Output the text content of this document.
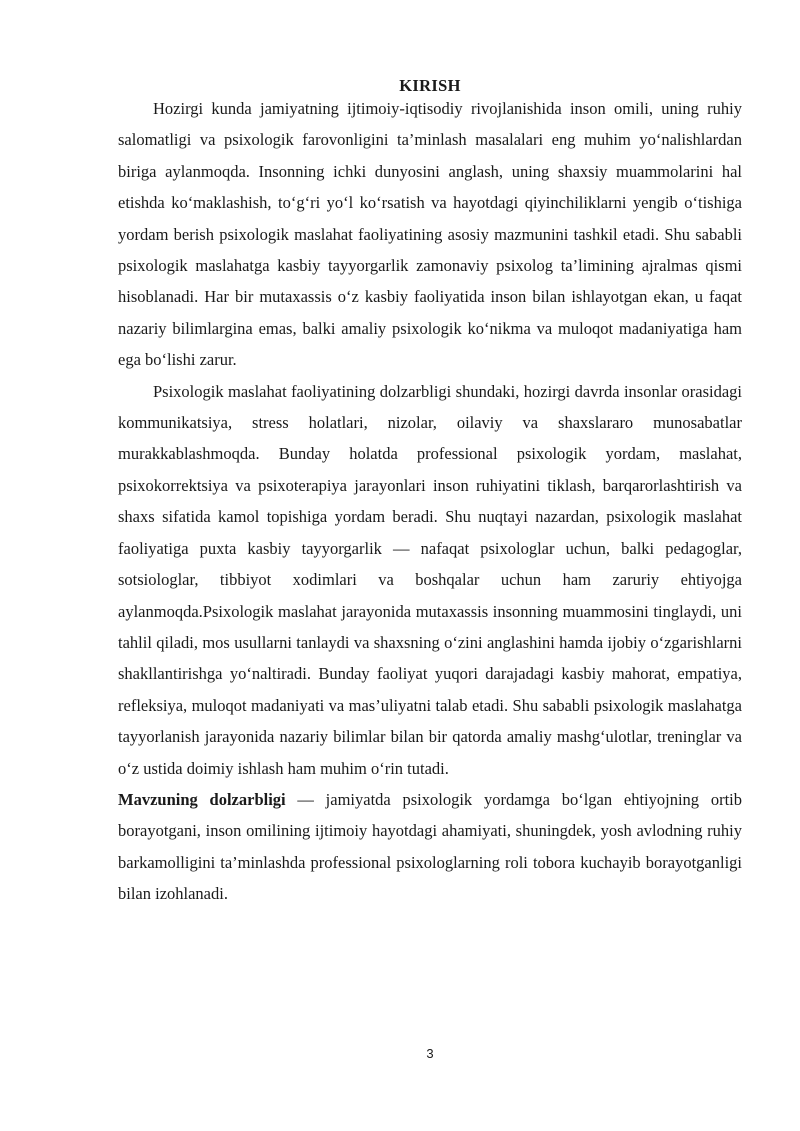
KIRISH

Hozirgi kunda jamiyatning ijtimoiy-iqtisodiy rivojlanishida inson omili, uning ruhiy salomatligi va psixologik farovonligini ta’minlash masalalari eng muhim yo‘nalishlardan biriga aylanmoqda. Insonning ichki dunyosini anglash, uning shaxsiy muammolarini hal etishda ko‘maklashish, to‘g‘ri yo‘l ko‘rsatish va hayotdagi qiyinchiliklarni yengib o‘tishiga yordam berish psixologik maslahat faoliyatining asosiy mazmunini tashkil etadi. Shu sababli psixologik maslahatga kasbiy tayyorgarlik zamonaviy psixolog ta’limining ajralmas qismi hisoblanadi. Har bir mutaxassis o‘z kasbiy faoliyatida inson bilan ishlayotgan ekan, u faqat nazariy bilimlargina emas, balki amaliy psixologik ko‘nikma va muloqot madaniyatiga ham ega bo‘lishi zarur.

Psixologik maslahat faoliyatining dolzarbligi shundaki, hozirgi davrda insonlar orasidagi kommunikatsiya, stress holatlari, nizolar, oilaviy va shaxslararo munosabatlar murakkablashmoqda. Bunday holatda professional psixologik yordam, maslahat, psixokorrektsiya va psixoterapiya jarayonlari inson ruhiyatini tiklash, barqarorlashtirish va shaxs sifatida kamol topishiga yordam beradi. Shu nuqtayi nazardan, psixologik maslahat faoliyatiga puxta kasbiy tayyorgarlik — nafaqat psixologlar uchun, balki pedagoglar, sotsiologlar, tibbiyot xodimlari va boshqalar uchun ham zaruriy ehtiyojga aylanmoqda.Psixologik maslahat jarayonida mutaxassis insonning muammosini tinglaydi, uni tahlil qiladi, mos usullarni tanlaydi va shaxsning o‘zini anglashini hamda ijobiy o‘zgarishlarni shakllantirishga yo‘naltiradi. Bunday faoliyat yuqori darajadagi kasbiy mahorat, empatiya, refleksiya, muloqot madaniyati va mas’uliyatni talab etadi. Shu sababli psixologik maslahatga tayyorlanish jarayonida nazariy bilimlar bilan bir qatorda amaliy mashg‘ulotlar, treninglar va o‘z ustida doimiy ishlash ham muhim o‘rin tutadi.

Mavzuning dolzarbligi — jamiyatda psixologik yordamga bo‘lgan ehtiyojning ortib borayotgani, inson omilining ijtimoiy hayotdagi ahamiyati, shuningdek, yosh avlodning ruhiy barkamolligini ta’minlashda professional psixologlarning roli tobora kuchayib borayotganligi bilan izohlanadi.

3
